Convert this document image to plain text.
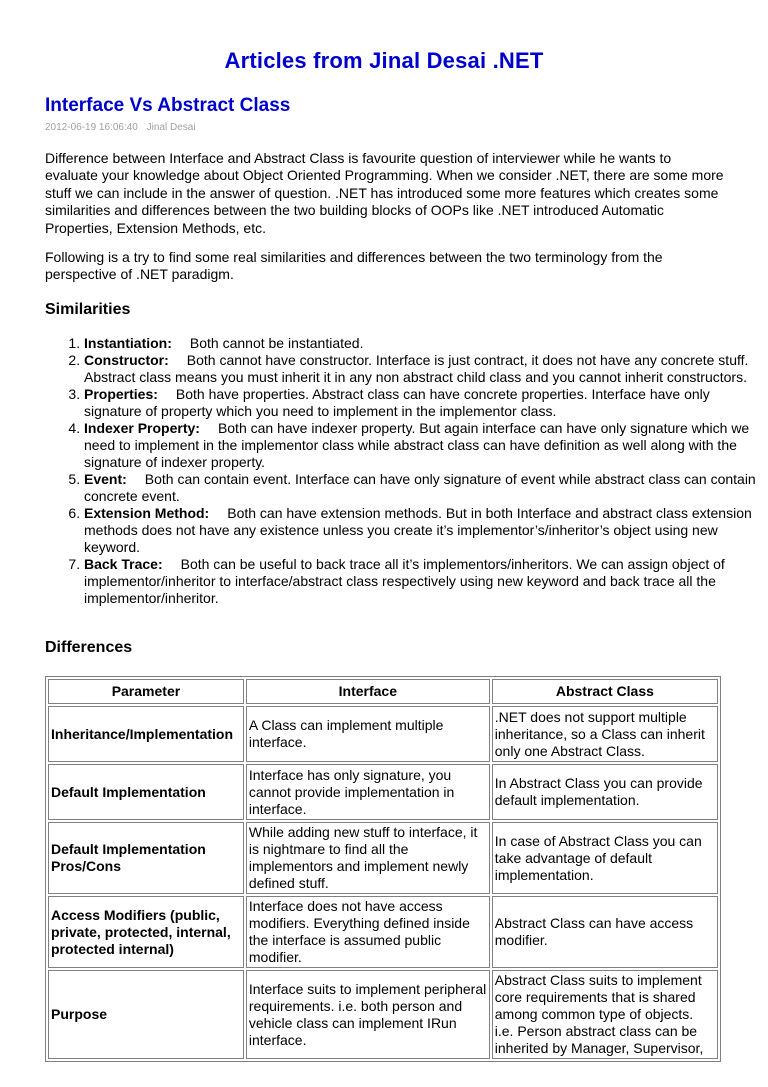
Articles from Jinal Desai .NET
Interface Vs Abstract Class
2012-06-19 16:06:40 Jinal Desai

Difference between Interface and Abstract Class is favourite question of interviewer while he wants to evaluate your knowledge about Object Oriented Programming. When we consider .NET, there are some more stuff we can include in the answer of question. .NET has introduced some more features which creates some similarities and differences between the two building blocks of OOPs like .NET introduced Automatic Properties, Extension Methods, etc.

Following is a try to find some real similarities and differences between the two terminology from the perspective of .NET paradigm.

Similarities
1. Instantiation: Both cannot be instantiated.
2. Constructor: Both cannot have constructor. Interface is just contract, it does not have any concrete stuff. Abstract class means you must inherit it in any non abstract child class and you cannot inherit constructors.
3. Properties: Both have properties. Abstract class can have concrete properties. Interface have only signature of property which you need to implement in the implementor class.
4. Indexer Property: Both can have indexer property. But again interface can have only signature which we need to implement in the implementor class while abstract class can have definition as well along with the signature of indexer property.
5. Event: Both can contain event. Interface can have only signature of event while abstract class can contain concrete event.
6. Extension Method: Both can have extension methods. But in both Interface and abstract class extension methods does not have any existence unless you create it’s implementor’s/inheritor’s object using new keyword.
7. Back Trace: Both can be useful to back trace all it’s implementors/inheritors. We can assign object of implementor/inheritor to interface/abstract class respectively using new keyword and back trace all the implementor/inheritor.
Differences
Parameter	Interface	Abstract Class
Inheritance/Implementation	A Class can implement multiple interface.	.NET does not support multiple inheritance, so a Class can inherit only one Abstract Class.
Default Implementation	Interface has only signature, you cannot provide implementation in interface.	In Abstract Class you can provide default implementation.
Default Implementation Pros/Cons	While adding new stuff to interface, it is nightmare to find all the implementors and implement newly defined stuff.	In case of Abstract Class you can take advantage of default implementation.
Access Modifiers (public, private, protected, internal, protected internal)	Interface does not have access modifiers. Everything defined inside the interface is assumed public modifier.	Abstract Class can have access modifier.
Purpose	Interface suits to implement peripheral requirements. i.e. both person and vehicle class can implement IRun interface.	Abstract Class suits to implement core requirements that is shared among common type of objects. i.e. Person abstract class can be inherited by Manager, Supervisor,
